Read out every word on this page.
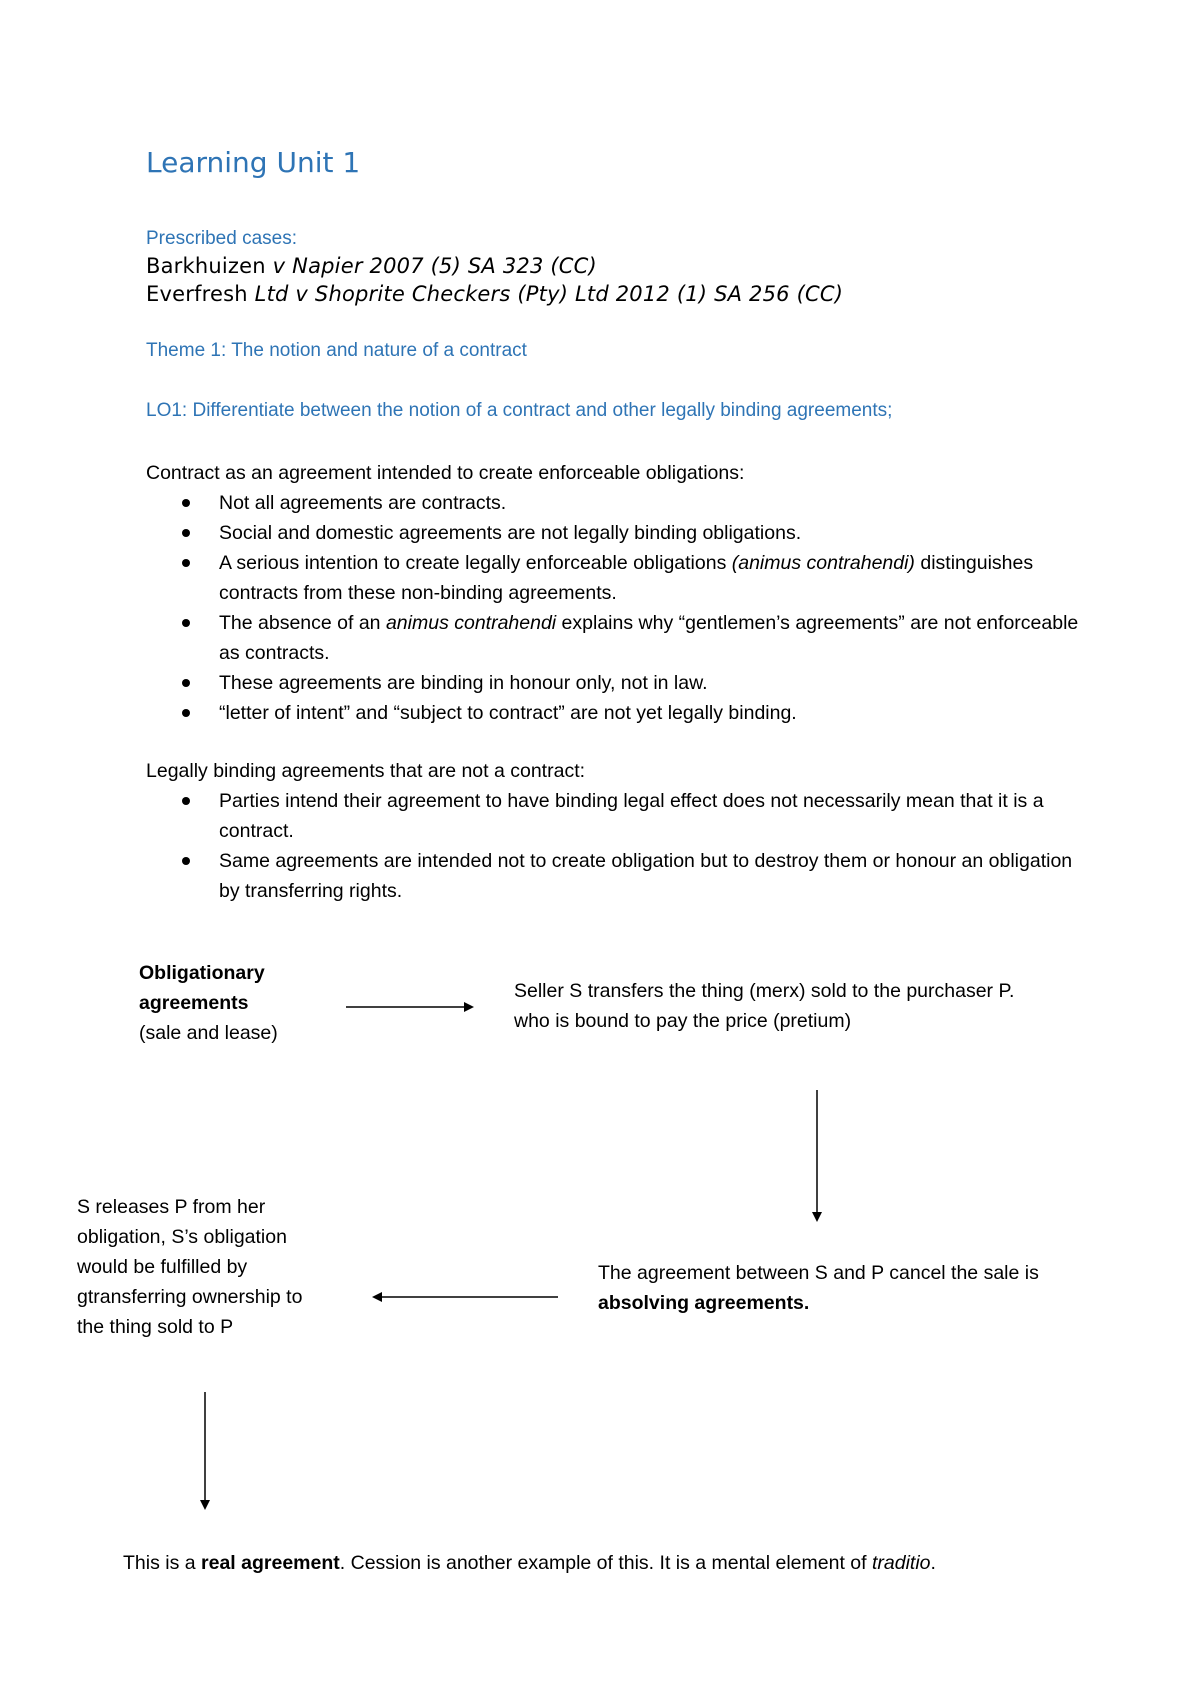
Learning Unit 1
Prescribed cases:
Barkhuizen v Napier 2007 (5) SA 323 (CC)
Everfresh Ltd v Shoprite Checkers (Pty) Ltd 2012 (1) SA 256 (CC)
Theme 1: The notion and nature of a contract
LO1: Differentiate between the notion of a contract and other legally binding agreements;
Contract as an agreement intended to create enforceable obligations:
Not all agreements are contracts.
Social and domestic agreements are not legally binding obligations.
A serious intention to create legally enforceable obligations (animus contrahendi) distinguishes contracts from these non-binding agreements.
The absence of an animus contrahendi explains why “gentlemen’s agreements” are not enforceable as contracts.
These agreements are binding in honour only, not in law.
“letter of intent” and “subject to contract” are not yet legally binding.
Legally binding agreements that are not a contract:
Parties intend their agreement to have binding legal effect does not necessarily mean that it is a contract.
Same agreements are intended not to create obligation but to destroy them or honour an obligation by transferring rights.
Obligationary
agreements
(sale and lease)
Seller S transfers the thing (merx) sold to the purchaser P.
who is bound to pay the price (pretium)
The agreement between S and P cancel the sale is
absolving agreements.
S releases P from her
obligation, S’s obligation
would be fulfilled by
gtransferring ownership to
the thing sold to P
This is a real agreement. Cession is another example of this. It is a mental element of traditio.
